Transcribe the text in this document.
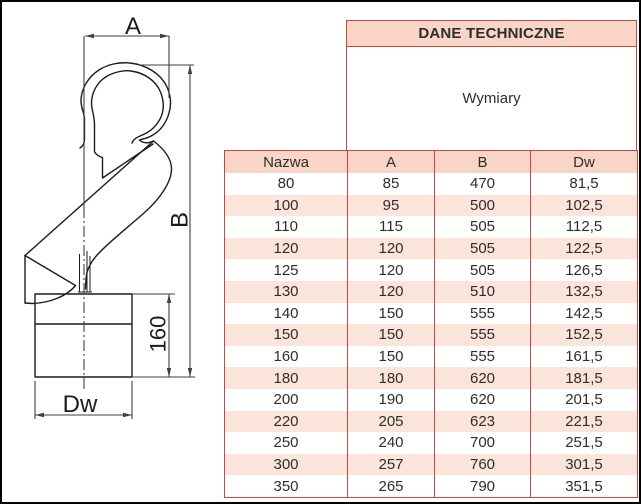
A
B
160
Dw
DANE TECHNICZNE
Wymiary
Nazwa	A	B	Dw
80	85	470	81,5
100	95	500	102,5
110	115	505	112,5
120	120	505	122,5
125	120	505	126,5
130	120	510	132,5
140	150	555	142,5
150	150	555	152,5
160	150	555	161,5
180	180	620	181,5
200	190	620	201,5
220	205	623	221,5
250	240	700	251,5
300	257	760	301,5
350	265	790	351,5
